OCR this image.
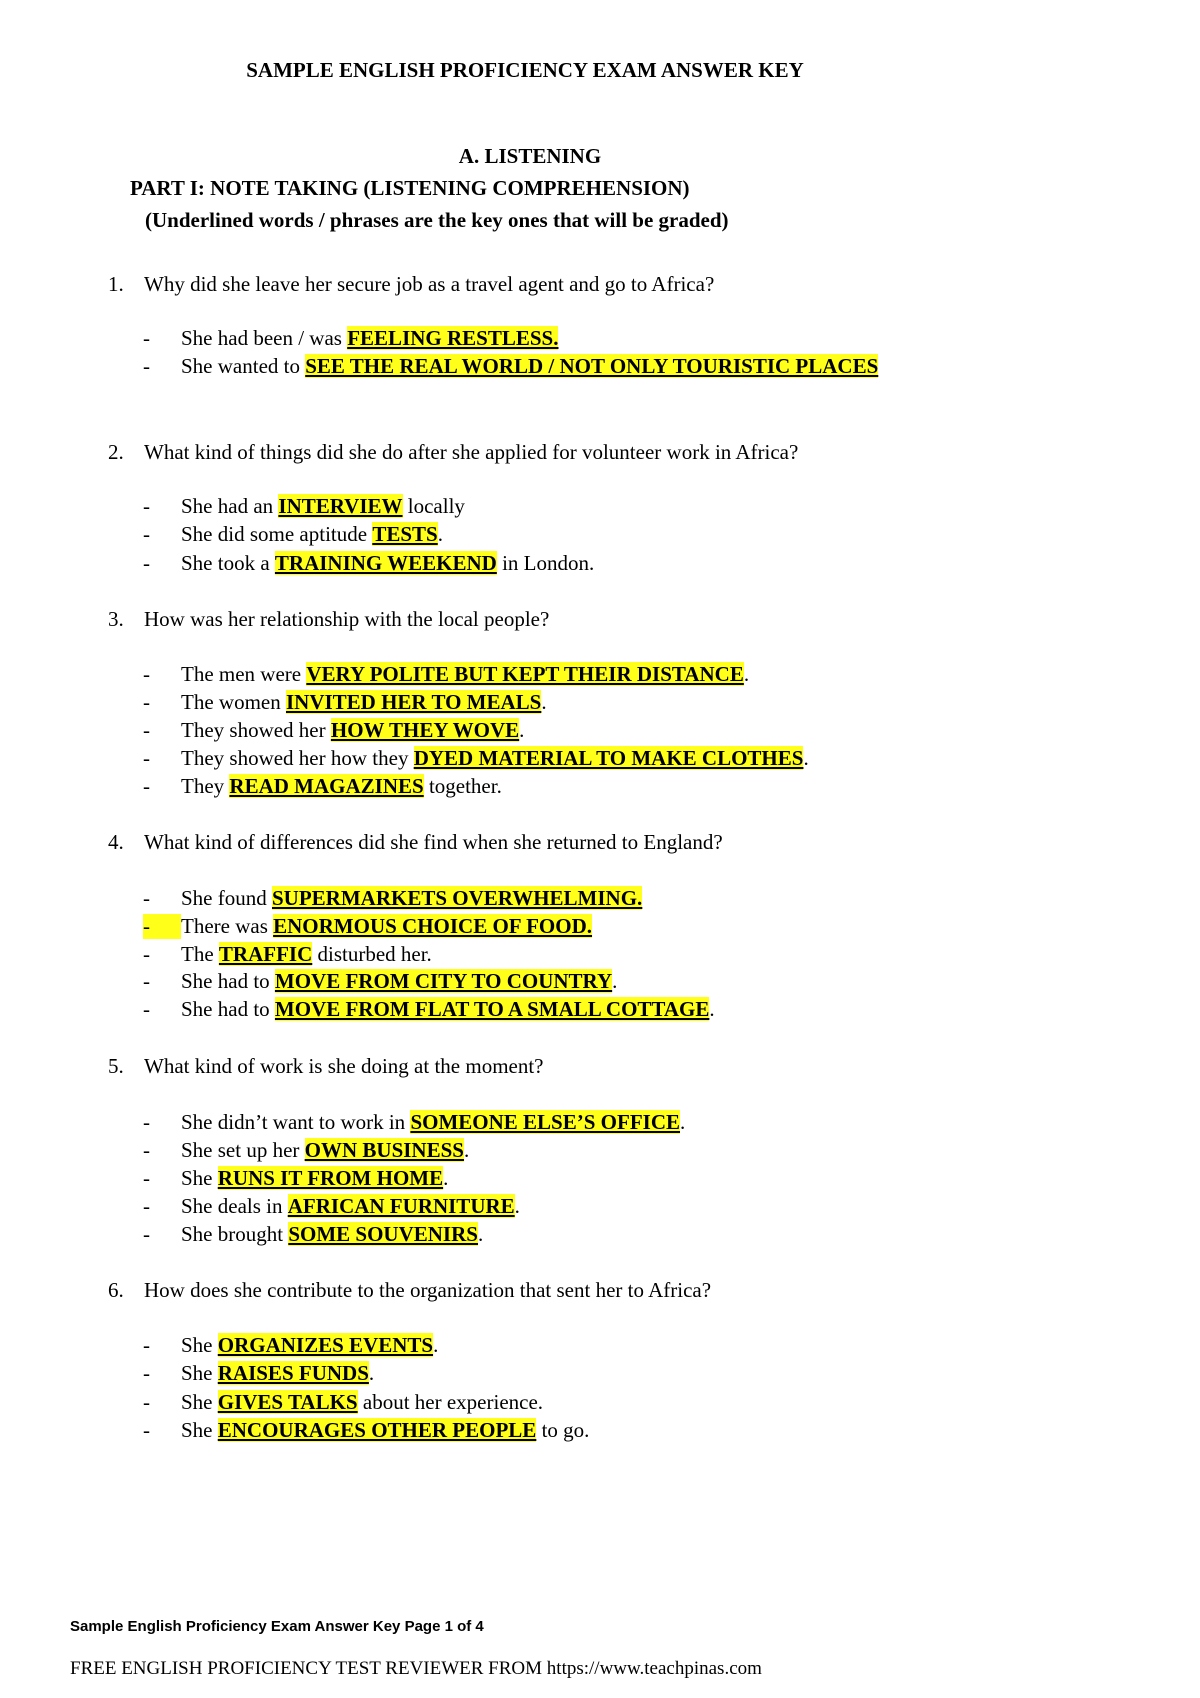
SAMPLE ENGLISH PROFICIENCY EXAM ANSWER KEY
A. LISTENING
PART I: NOTE TAKING (LISTENING COMPREHENSION)
(Underlined words / phrases are the key ones that will be graded)
1. Why did she leave her secure job as a travel agent and go to Africa?
- She had been / was FEELING RESTLESS.
- She wanted to SEE THE REAL WORLD / NOT ONLY TOURISTIC PLACES
2. What kind of things did she do after she applied for volunteer work in Africa?
- She had an INTERVIEW locally
- She did some aptitude TESTS.
- She took a TRAINING WEEKEND in London.
3. How was her relationship with the local people?
- The men were VERY POLITE BUT KEPT THEIR DISTANCE.
- The women INVITED HER TO MEALS.
- They showed her HOW THEY WOVE.
- They showed her how they DYED MATERIAL TO MAKE CLOTHES.
- They READ MAGAZINES together.
4. What kind of differences did she find when she returned to England?
- She found SUPERMARKETS OVERWHELMING.
- There was ENORMOUS CHOICE OF FOOD.
- The TRAFFIC disturbed her.
- She had to MOVE FROM CITY TO COUNTRY.
- She had to MOVE FROM FLAT TO A SMALL COTTAGE.
5. What kind of work is she doing at the moment?
- She didn’t want to work in SOMEONE ELSE’S OFFICE.
- She set up her OWN BUSINESS.
- She RUNS IT FROM HOME.
- She deals in AFRICAN FURNITURE.
- She brought SOME SOUVENIRS.
6. How does she contribute to the organization that sent her to Africa?
- She ORGANIZES EVENTS.
- She RAISES FUNDS.
- She GIVES TALKS about her experience.
- She ENCOURAGES OTHER PEOPLE to go.
Sample English Proficiency Exam Answer Key Page 1 of 4
FREE ENGLISH PROFICIENCY TEST REVIEWER FROM https://www.teachpinas.com
